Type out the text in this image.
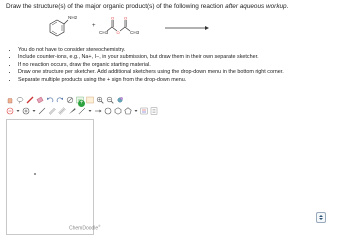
Draw the structure(s) of the major organic product(s) of the following reaction after aqueous workup.
O
O
O
NH2
+
CH3	CH3
• You do not have to consider stereochemistry.
• Include counter-ions, e.g., Na+, I−, in your submission, but draw them in their own separate sketcher.
• If no reaction occurs, draw the organic starting material.
• Draw one structure per sketcher. Add additional sketchers using the drop-down menu in the bottom right corner.
• Separate multiple products using the + sign from the drop-down menu.
+
ChemDoodle®
